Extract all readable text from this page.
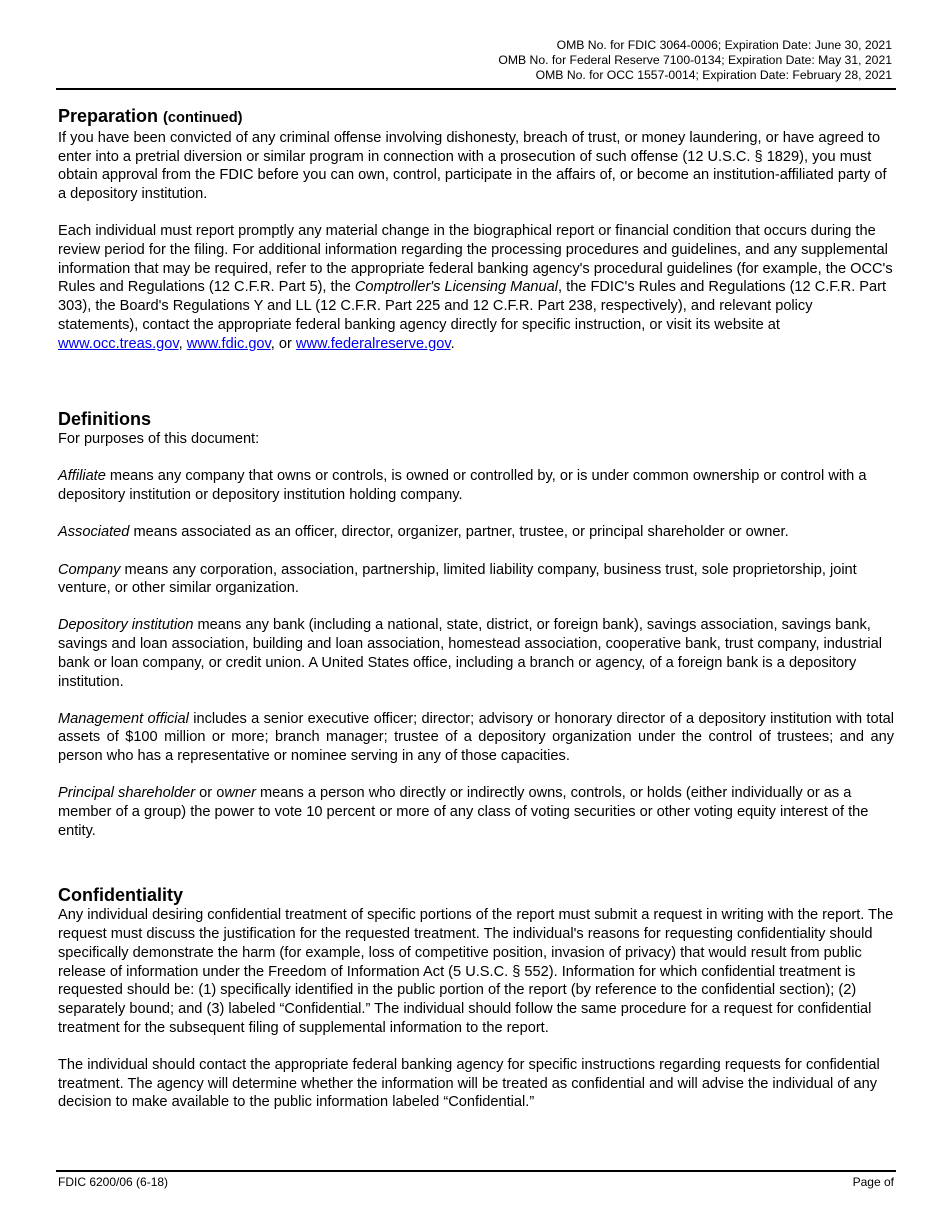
OMB No. for FDIC 3064-0006; Expiration Date: June 30, 2021
OMB No. for Federal Reserve 7100-0134; Expiration Date: May 31, 2021
OMB No. for OCC 1557-0014; Expiration Date: February 28, 2021
Preparation (continued)

If you have been convicted of any criminal offense involving dishonesty, breach of trust, or money laundering, or have agreed to enter into a pretrial diversion or similar program in connection with a prosecution of such offense (12 U.S.C. § 1829), you must obtain approval from the FDIC before you can own, control, participate in the affairs of, or become an institution-affiliated party of a depository institution.

Each individual must report promptly any material change in the biographical report or financial condition that occurs during the review period for the filing. For additional information regarding the processing procedures and guidelines, and any supplemental information that may be required, refer to the appropriate federal banking agency's procedural guidelines (for example, the OCC's Rules and Regulations (12 C.F.R. Part 5), the Comptroller's Licensing Manual, the FDIC's Rules and Regulations (12 C.F.R. Part 303), the Board's Regulations Y and LL (12 C.F.R. Part 225 and 12 C.F.R. Part 238, respectively), and relevant policy statements), contact the appropriate federal banking agency directly for specific instruction, or visit its website at www.occ.treas.gov, www.fdic.gov, or www.federalreserve.gov.

Definitions

For purposes of this document:

Affiliate means any company that owns or controls, is owned or controlled by, or is under common ownership or control with a depository institution or depository institution holding company.

Associated means associated as an officer, director, organizer, partner, trustee, or principal shareholder or owner.

Company means any corporation, association, partnership, limited liability company, business trust, sole proprietorship, joint venture, or other similar organization.

Depository institution means any bank (including a national, state, district, or foreign bank), savings association, savings bank, savings and loan association, building and loan association, homestead association, cooperative bank, trust company, industrial bank or loan company, or credit union. A United States office, including a branch or agency, of a foreign bank is a depository institution.

Management official includes a senior executive officer; director; advisory or honorary director of a depository institution with total assets of $100 million or more; branch manager; trustee of a depository organization under the control of trustees; and any person who has a representative or nominee serving in any of those capacities.

Principal shareholder or owner means a person who directly or indirectly owns, controls, or holds (either individually or as a member of a group) the power to vote 10 percent or more of any class of voting securities or other voting equity interest of the entity.

Confidentiality

Any individual desiring confidential treatment of specific portions of the report must submit a request in writing with the report. The request must discuss the justification for the requested treatment. The individual's reasons for requesting confidentiality should specifically demonstrate the harm (for example, loss of competitive position, invasion of privacy) that would result from public release of information under the Freedom of Information Act (5 U.S.C. § 552). Information for which confidential treatment is requested should be: (1) specifically identified in the public portion of the report (by reference to the confidential section); (2) separately bound; and (3) labeled “Confidential.” The individual should follow the same procedure for a request for confidential treatment for the subsequent filing of supplemental information to the report.

The individual should contact the appropriate federal banking agency for specific instructions regarding requests for confidential treatment. The agency will determine whether the information will be treated as confidential and will advise the individual of any decision to make available to the public information labeled “Confidential.”

FDIC 6200/06 (6-18)	Page of
